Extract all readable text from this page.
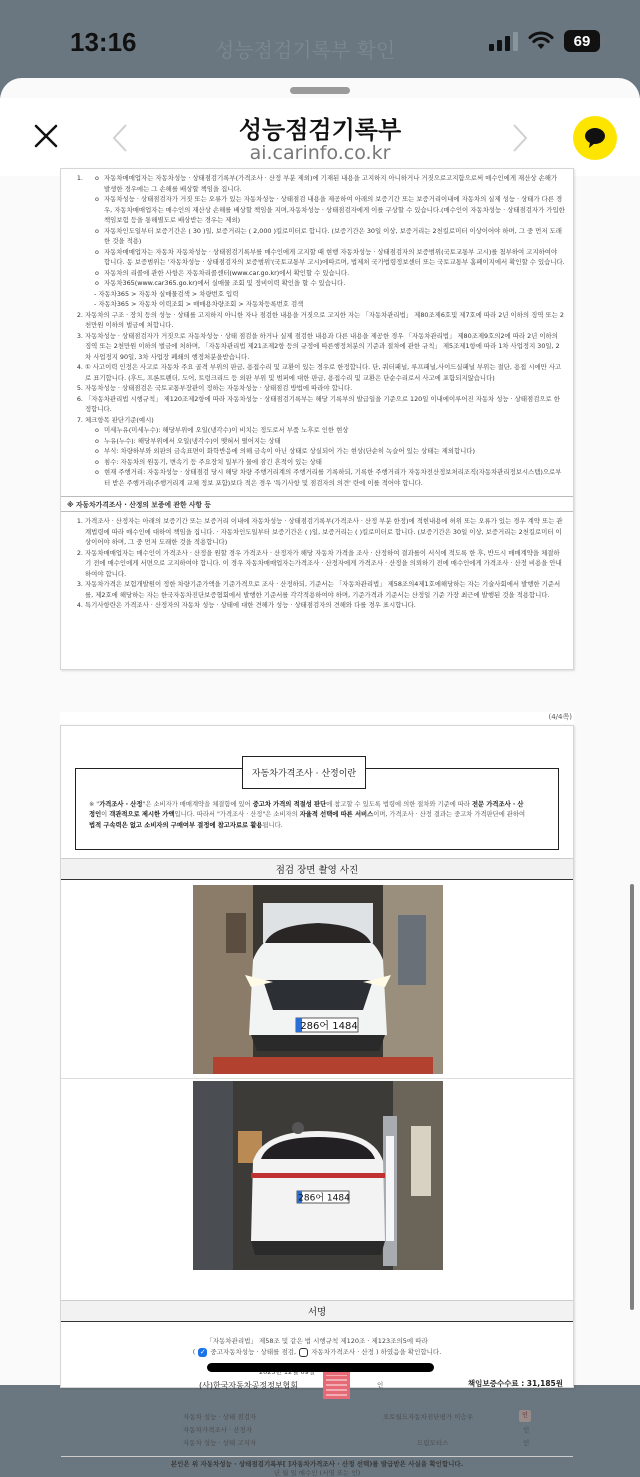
13:16	성능점검기록부 확인	69
성능점검기록부
ai.carinfo.co.kr
o 1. 자동차매매업자는 자동차성능 · 상태점검기록부(가격조사 · 산정 부분 제외)에 기재된 내용을 고지하지 아니하거나 거짓으로고지함으로써 매수인에게 재산상 손해가 발생한 경우에는 그 손해를 배상할 책임을 집니다.
o 자동차성능 · 상태점검자가 거짓 또는 오류가 있는 자동차성능 · 상태점검 내용을 제공하여 아래의 보증기간 또는 보증거리이내에 자동차의 실제 성능 · 상태가 다른 경우, 자동차매매업자는 매수인의 재산상 손해를 배상할 책임을 지며,자동차성능 · 상태점검자에게 이를 구상할 수 있습니다.(매수인이 자동차성능 · 상태점검자가 가입한 책임보험 등을 통해별도로 배상받는 경우는 제외)
o 자동차인도일부터 보증기간은 ( 30 )일, 보증거리는 ( 2,000 )킬로미터로 합니다. (보증기간은 30일 이상, 보증거리는 2천킬로미터 이상이어야 하며, 그 중 먼저 도래한 것을 적용)
o 자동차매매업자는 자동차 자동차성능 · 상태점검기록부를 매수인에게 고지할 때 현행 자동차성능 · 상태점검자의 보증범위(국토교통부 고시)를 첨부하여 고지하여야 합니다. 동 보증범위는 '자동차성능 · 상태점검자의 보증범위'(국토교통부 고시)에따르며, 법제처 국가법령정보센터 또는 국토교통부 홈페이지에서 확인할 수 있습니다.
o 자동차의 리콜에 관한 사항은 자동차리콜센터(www.car.go.kr)에서 확인할 수 있습니다.
o 자동차365(www.car365.go.kr)에서 실매물 조회 및 정비이력 확인을 할 수 있습니다.
- 자동차365 > 자동차 실매물검색 > 차량번호 입력
- 자동차365 > 자동차 이력조회 > 매매용차량조회 > 자동차등록번호 검색
2. 자동차의 구조 · 장치 등의 성능 · 상태를 고지하지 아니한 자나 점검한 내용을 거짓으로 고지한 자는 「자동차관리법」 제80조제6호및 제7호에 따라 2년 이하의 징역 또는 2천만원 이하의 벌금에 처합니다.
3. 자동차성능 · 상태점검자가 거짓으로 자동차성능 · 상태 점검을 하거나 실제 점검한 내용과 다른 내용을 제공한 경우 「자동차관리법」 제80조제9호의2에 따라 2년 이하의 징역 또는 2천만원 이하의 벌금에 처하며, 「자동차관리법 제21조제2항 등의 규정에 따른행정처분의 기준과 절차에 관한 규칙」 제5조제1항에 따라 1차 사업정지 30일, 2차 사업정지 90일, 3차 사업장 폐쇄의 행정처분을받습니다.
4. ① 사고이력 인정은 사고로 자동차 주요 골격 부위의 판금, 용접수리 및 교환이 있는 경우로 한정합니다. 단, 쿼터패널, 루프패널,사이드실패널 부위는 절단, 용접 시에만 사고로 표기합니다. (후드, 프론트펜더, 도어, 트렁크리드 등 외판 부위 및 범퍼에 대한 판금, 용접수리 및 교환은 단순수리로서 사고에 포함되지않습니다)
5. 자동차성능 · 상태점검은 국토교통부장관이 정하는 자동차성능 · 상태점검 방법에 따라야 합니다.
6. 「자동차관리법 시행규칙」 제120조제2항에 따라 자동차성능 · 상태점검기록부는 해당 기록부의 발급일을 기준으로 120일 이내에이루어진 자동차 성능 · 상태점검으로 한정합니다.
7. 체크항목 판단기준(예시)
o 미세누유(미세누수): 해당부위에 오일(냉각수)이 비치는 정도로서 부품 노후로 인한 현상
o 누유(누수): 해당부위에서 오일(냉각수)이 맺혀서 떨어지는 상태
o 부식: 차량하부와 외판의 금속표면이 화학반응에 의해 금속이 아닌 상태로 상실되어 가는 현상(단순히 녹슬어 있는 상태는 제외합니다)
o 침수: 자동차의 원동기, 변속기 등 주요장치 일부가 물에 잠긴 흔적이 있는 상태
o 현재 주행거리: 자동차성능 · 상태점검 당시 해당 차량 주행거리계의 주행거리를 기록하되, 기록한 주행거리가 자동차전산정보처리조직(자동차관리정보시스템)으로부터 받은 주행거리(주행거리계 교체 정보 포함)보다 적은 경우 '특기사항 및 점검자의 의견' 란에 이를 적어야 합니다.
※ 자동차가격조사 · 산정의 보증에 관한 사항 등
1. 가격조사 · 산정자는 아래의 보증기간 또는 보증거리 이내에 자동차성능 · 상태점검기록부(가격조사 · 산정 부분 한정)에 적힌내용에 허위 또는 오류가 있는 경우 계약 또는 관계법령에 따라 매수인에 대하여 책임을 집니다. · 자동차인도일부터 보증기간은 ( )일, 보증거리는 ( )킬로미터로 합니다. (보증기간은 30일 이상, 보증거리는 2천킬로미터 이상이어야 하며, 그 중 먼저 도래한 것을 적용합니다)
2. 자동차매매업자는 매수인이 가격조사 · 산정을 원할 경우 가격조사 · 산정자가 해당 자동차 가격을 조사 · 산정하여 결과를이 서식에 적도록 한 후, 반드시 매매계약을 체결하기 전에 매수인에게 서면으로 고지하여야 합니다. 이 경우 자동차매매업자는가격조사 · 산정자에게 가격조사 · 산정을 의뢰하기 전에 매수인에게 가격조사 · 산정 비용을 안내하여야 합니다.
3. 자동차가격은 보험개발원이 정한 차량기준가액을 기준가격으로 조사 · 산정하되, 기준서는 「자동차관리법」 제58조의4제1호에해당하는 자는 기술사회에서 발행한 기준서를, 제2호에 해당하는 자는 한국자동차진단보증협회에서 발행한 기준서를 각각적용하여야 하며, 기준가격과 기준서는 산정일 기준 가장 최근에 발행된 것을 적용합니다.
4. 특기사항란은 가격조사 · 산정자의 자동차 성능 · 상태에 대한 견해가 성능 · 상태점검자의 견해와 다를 경우 표시합니다.
(4/4쪽)
자동차가격조사 · 산정이란
※ "가격조사 · 산정"은 소비자가 매매계약을 체결함에 있어 중고차 가격의 적절성 판단에 참고할 수 있도록 법령에 의한 절차와 기준에 따라 전문 가격조사 · 산정인이 객관적으로 제시한 가액입니다. 따라서 "가격조사 · 산정"은 소비자의 자율적 선택에 따른 서비스이며, 가격조사 · 산정 결과는 중고차 가격판단에 관하여 법적 구속력은 없고 소비자의 구매여부 결정에 참고자료로 활용됩니다.
점검 장면 촬영 사진
286어 1484
286어 1484
서명
「자동차관리법」 제58조 및 같은 법 시행규칙 제120조 · 제123조의5에 따라
( ✓ 중고자동차성능 · 상태를 점검, 자동차가격조사 · 산정 ) 하였음을 확인합니다.
(사)한국자동차공정정보협회	인	책임보증수수료 : 31,185원
자동차 성능 · 상태 점검자	오토월드자동차진단평가 이승우	인
자동차가격조사 · 산정자	인
자동차 성능 · 상태 고지자	드림모터스	인
본인은 위 자동차성능 · 상태점검기록부[ ]자동차가격조사 · 산정 선택)를 발급받은 사실을 확인합니다.
년 월 일 매수인 (서명 또는 인)
